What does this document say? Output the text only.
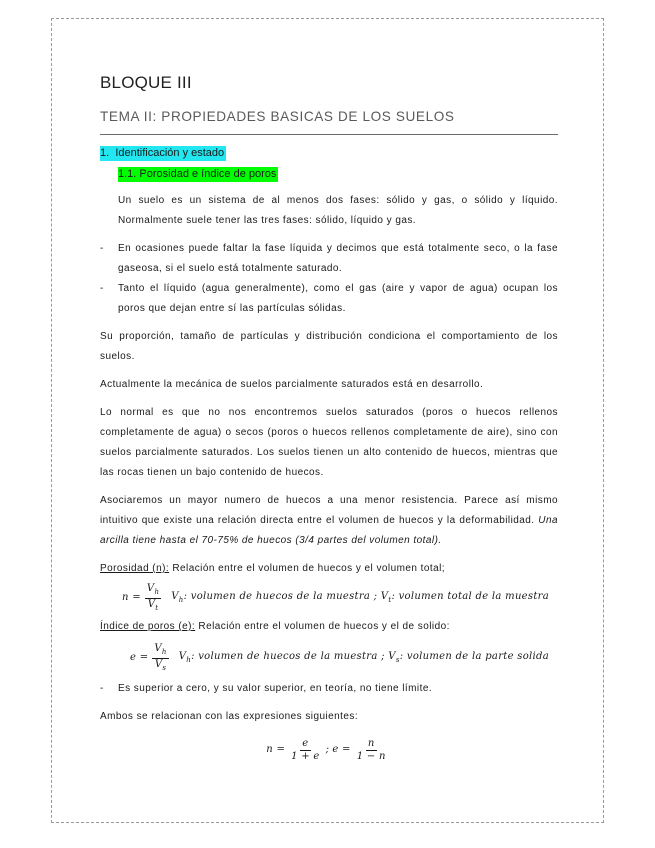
BLOQUE III
TEMA II: PROPIEDADES BASICAS DE LOS SUELOS
1. Identificación y estado
1.1. Porosidad e índice de poros

Un suelo es un sistema de al menos dos fases: sólido y gas, o sólido y líquido. Normalmente suele tener las tres fases: sólido, líquido y gas.

- En ocasiones puede faltar la fase líquida y decimos que está totalmente seco, o la fase gaseosa, si el suelo está totalmente saturado.
- Tanto el líquido (agua generalmente), como el gas (aire y vapor de agua) ocupan los poros que dejan entre sí las partículas sólidas.

Su proporción, tamaño de partículas y distribución condiciona el comportamiento de los suelos.

Actualmente la mecánica de suelos parcialmente saturados está en desarrollo.

Lo normal es que no nos encontremos suelos saturados (poros o huecos rellenos completamente de agua) o secos (poros o huecos rellenos completamente de aire), sino con suelos parcialmente saturados. Los suelos tienen un alto contenido de huecos, mientras que las rocas tienen un bajo contenido de huecos.

Asociaremos un mayor numero de huecos a una menor resistencia. Parece así mismo intuitivo que existe una relación directa entre el volumen de huecos y la deformabilidad. Una arcilla tiene hasta el 70-75% de huecos (3/4 partes del volumen total).

Porosidad (n): Relación entre el volumen de huecos y el volumen total;

$n = \frac{V_h}{V_t} V_h$: volumen de huecos de la muestra ; $V_t$: volumen total de la muestra

Índice de poros (e): Relación entre el volumen de huecos y el de solido:

$e = \frac{V_h}{V_s} V_h$: volumen de huecos de la muestra ; $V_s$: volumen de la parte solida
- Es superior a cero, y su valor superior, en teoría, no tiene límite.

Ambos se relacionan con las expresiones siguientes:

$n = \frac{e}{1 + e}$ ; $e = \frac{n}{1 - n}$
